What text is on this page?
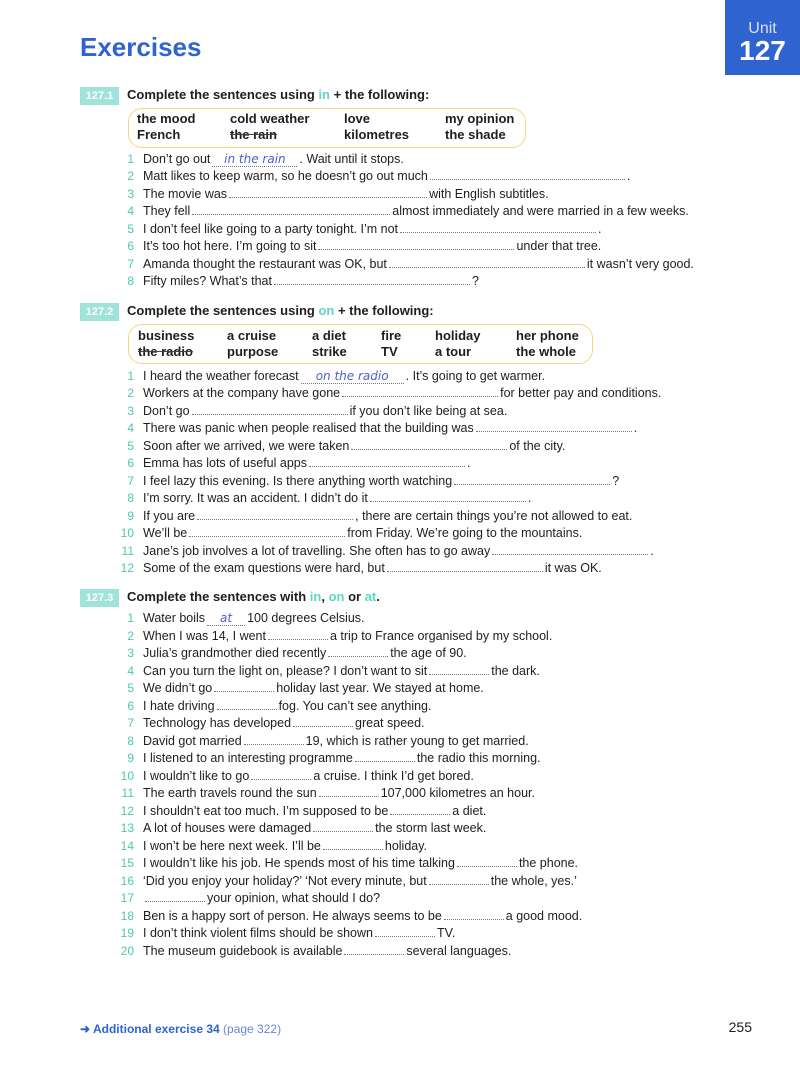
Exercises
Unit
127
127.1	Complete the sentences using in + the following:
the mood	cold weather	love	my opinion
French	the rain	kilometres	the shade
1 Don’t go out in the rain . Wait until it stops.
2 Matt likes to keep warm, so he doesn’t go out much	.
3 The movie was	with English subtitles.
4 They fell	almost immediately and were married in a few weeks.
5 I don’t feel like going to a party tonight. I’m not	.
6 It’s too hot here. I’m going to sit	under that tree.
7 Amanda thought the restaurant was OK, but	it wasn’t very good.
8 Fifty miles? What’s that	?
127.2	Complete the sentences using on + the following:
business	a cruise	a diet	fire	holiday	her phone
the radio	purpose	strike	TV	a tour	the whole
1 I heard the weather forecast on the radio . It’s going to get warmer.
2 Workers at the company have gone	for better pay and conditions.
3 Don’t go	if you don’t like being at sea.
4 There was panic when people realised that the building was	.
5 Soon after we arrived, we were taken	of the city.
6 Emma has lots of useful apps	.
7 I feel lazy this evening. Is there anything worth watching	?
8 I’m sorry. It was an accident. I didn’t do it	.
9 If you are	, there are certain things you’re not allowed to eat.
10 We’ll be	from Friday. We’re going to the mountains.
11 Jane’s job involves a lot of travelling. She often has to go away	.
12 Some of the exam questions were hard, but	it was OK.
127.3	Complete the sentences with in, on or at.
1 Water boils at 100 degrees Celsius.
2 When I was 14, I went	a trip to France organised by my school.
3 Julia’s grandmother died recently	the age of 90.
4 Can you turn the light on, please? I don’t want to sit	the dark.
5 We didn’t go	holiday last year. We stayed at home.
6 I hate driving	fog. You can’t see anything.
7 Technology has developed	great speed.
8 David got married	19, which is rather young to get married.
9 I listened to an interesting programme	the radio this morning.
10 I wouldn’t like to go	a cruise. I think I’d get bored.
11 The earth travels round the sun	107,000 kilometres an hour.
12 I shouldn’t eat too much. I’m supposed to be	a diet.
13 A lot of houses were damaged	the storm last week.
14 I won’t be here next week. I’ll be	holiday.
15 I wouldn’t like his job. He spends most of his time talking	the phone.
16 ‘Did you enjoy your holiday?’ ‘Not every minute, but	the whole, yes.’
17	your opinion, what should I do?
18 Ben is a happy sort of person. He always seems to be	a good mood.
19 I don’t think violent films should be shown	TV.
20 The museum guidebook is available	several languages.
➜ Additional exercise 34 (page 322)	255
